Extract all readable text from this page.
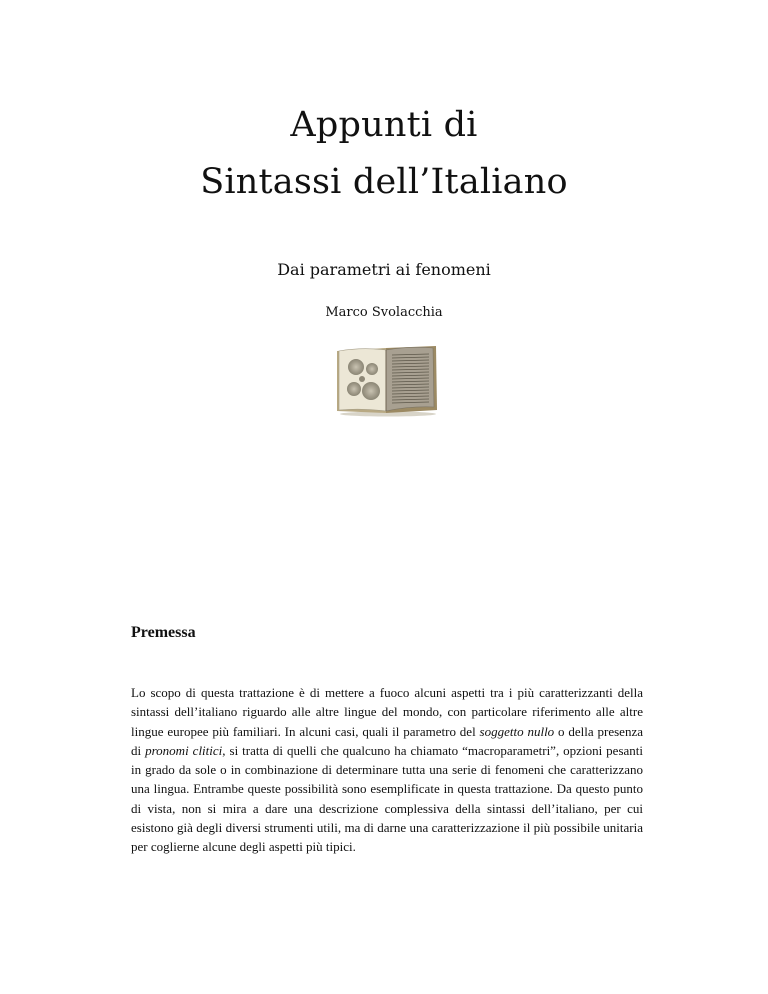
Appunti di
Sintassi dell’Italiano

Dai parametri ai fenomeni

Marco Svolacchia

Premessa

Lo scopo di questa trattazione è di mettere a fuoco alcuni aspetti tra i più caratterizzanti della sintassi dell’italiano riguardo alle altre lingue del mondo, con particolare riferimento alle altre lingue europee più familiari. In alcuni casi, quali il parametro del soggetto nullo o della presenza di pronomi clitici, si tratta di quelli che qualcuno ha chiamato “macroparametri”, opzioni pesanti in grado da sole o in combinazione di determinare tutta una serie di fenomeni che caratterizzano una lingua. Entrambe queste possibilità sono esemplificate in questa trattazione. Da questo punto di vista, non si mira a dare una descrizione complessiva della sintassi dell’italiano, per cui esistono già degli diversi strumenti utili, ma di darne una caratterizzazione il più possibile unitaria per coglierne alcune degli aspetti più tipici.
